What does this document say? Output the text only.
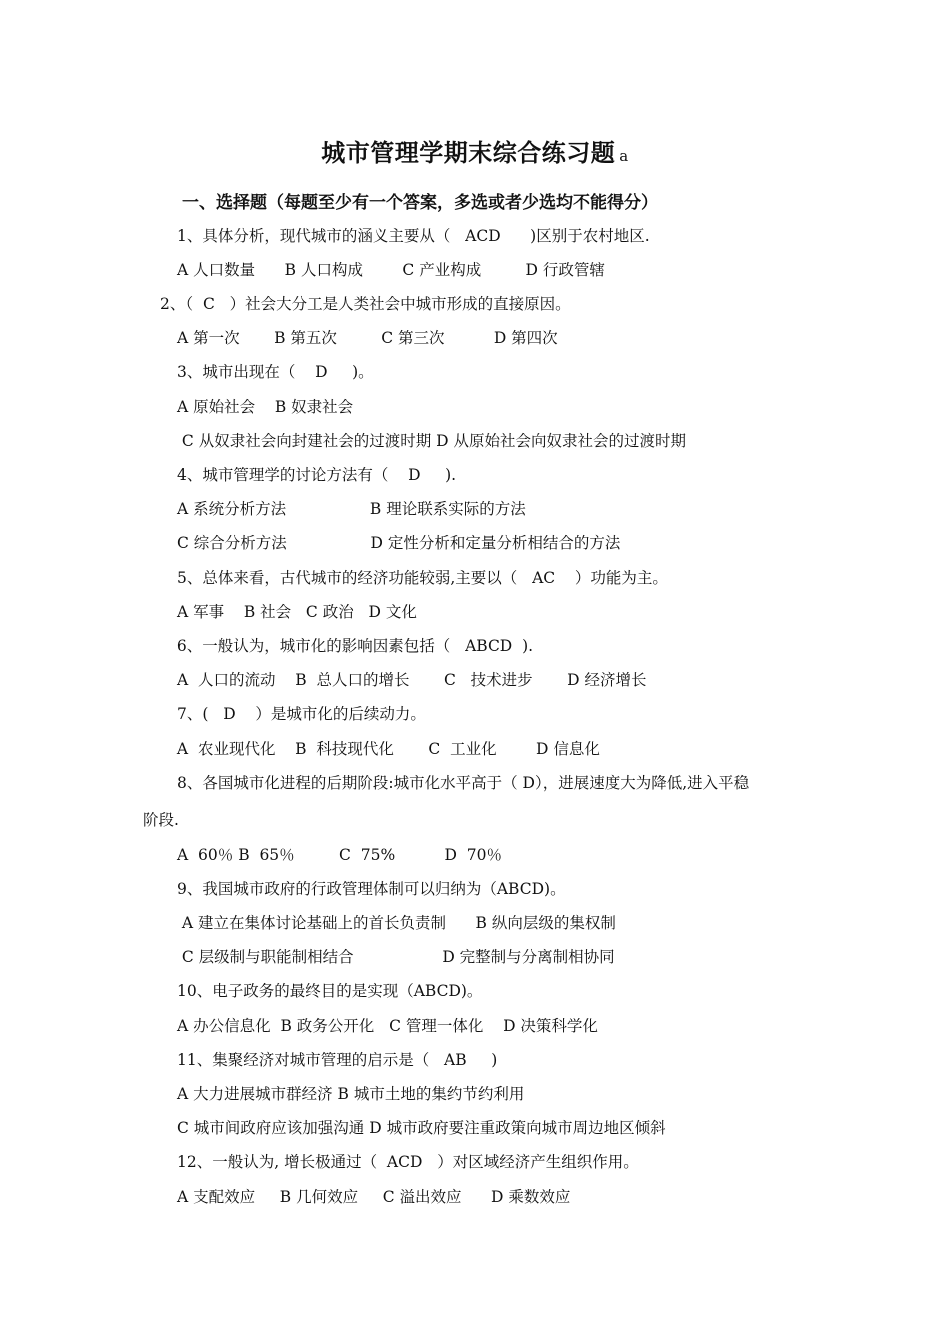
城市管理学期末综合练习题 a
一、选择题（每题至少有一个答案，多选或者少选均不能得分）
1、具体分析，现代城市的涵义主要从（   ACD      )区别于农村地区.
A 人口数量      B 人口构成        C 产业构成         D 行政管辖
2、（  C   ）社会大分工是人类社会中城市形成的直接原因。
A 第一次       B 第五次         C 第三次          D 第四次
3、城市出现在（    D     )。
A 原始社会    B 奴隶社会
C 从奴隶社会向封建社会的过渡时期 D 从原始社会向奴隶社会的过渡时期
4、城市管理学的讨论方法有（    D     ).
A 系统分析方法                 B 理论联系实际的方法
C 综合分析方法                 D 定性分析和定量分析相结合的方法
5、总体来看，古代城市的经济功能较弱,主要以（   AC    ）功能为主。
A 军事    B 社会   C 政治   D 文化
6、一般认为，城市化的影响因素包括（   ABCD  ).
A  人口的流动    B  总人口的增长       C   技术进步       D 经济增长
7、(   D    ）是城市化的后续动力。
A  农业现代化    B  科技现代化       C  工业化        D 信息化
8、各国城市化进程的后期阶段:城市化水平高于（ D），进展速度大为降低,进入平稳
阶段.
A  60％ B  65％         C  75%          D  70％
9、我国城市政府的行政管理体制可以归纳为（ABCD)。
A 建立在集体讨论基础上的首长负责制      B 纵向层级的集权制
C 层级制与职能制相结合                  D 完整制与分离制相协同
10、电子政务的最终目的是实现（ABCD)。
A 办公信息化  B 政务公开化   C 管理一体化    D 决策科学化
11、集聚经济对城市管理的启示是（   AB     )
A 大力进展城市群经济 B 城市土地的集约节约利用
C 城市间政府应该加强沟通 D 城市政府要注重政策向城市周边地区倾斜
12、一般认为, 增长极通过（  ACD   ）对区域经济产生组织作用。
A 支配效应     B 几何效应     C 溢出效应      D 乘数效应
